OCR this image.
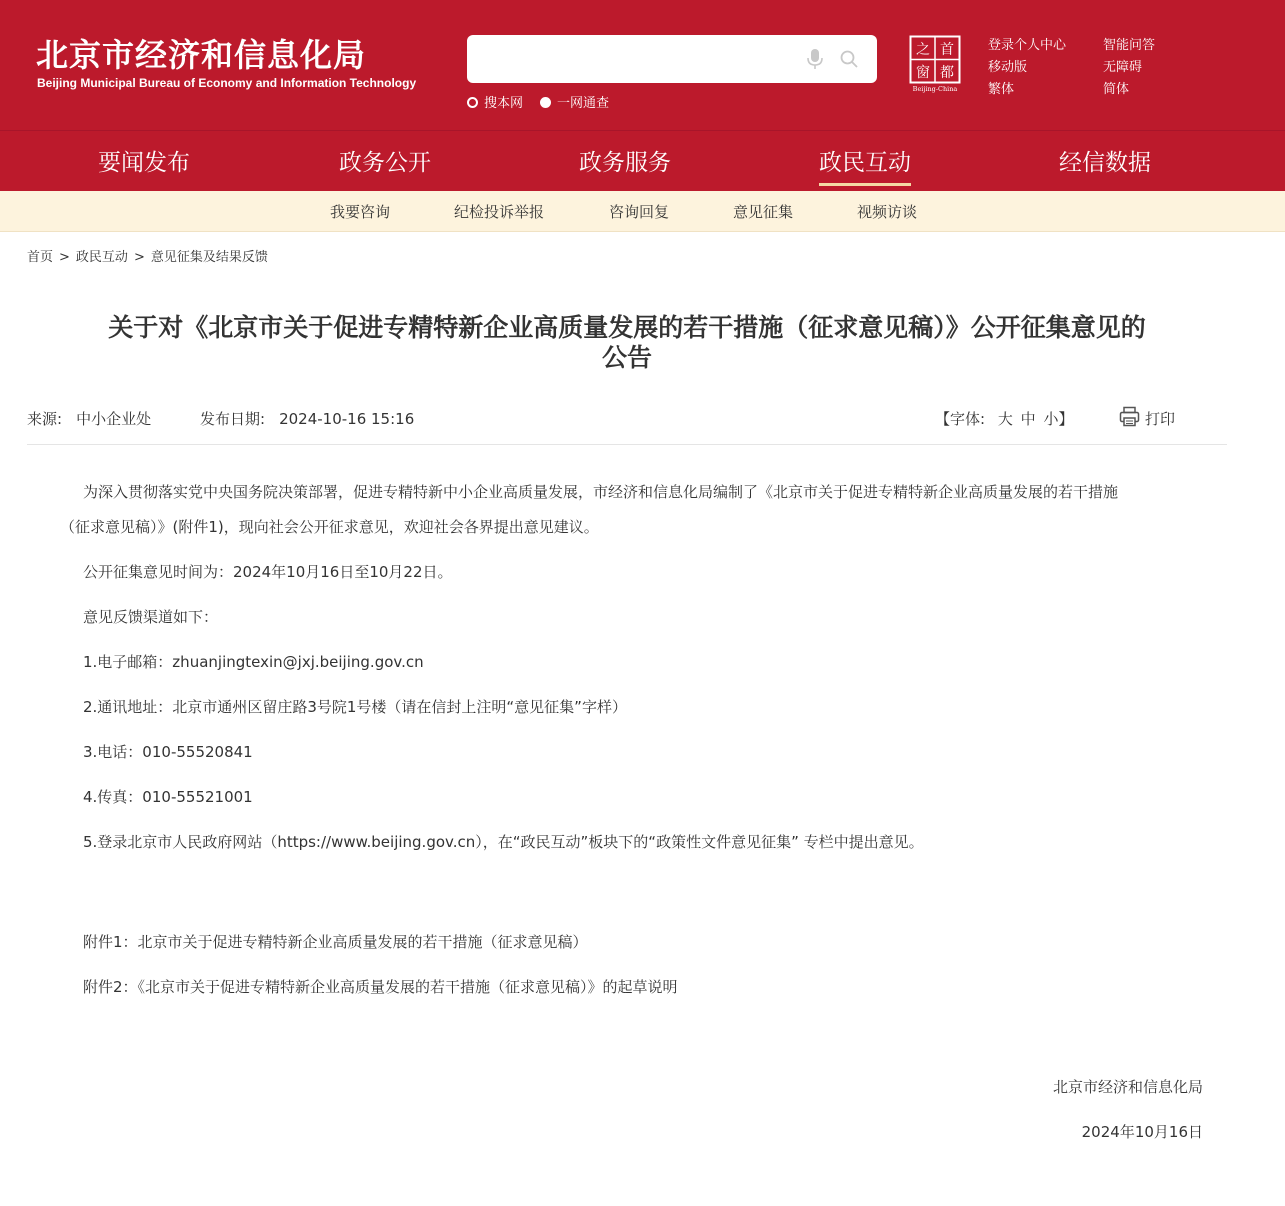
北京市经济和信息化局
Beijing Municipal Bureau of Economy and Information Technology
搜本网	一网通查
首
都
之
窗
Beijing-China
登录个人中心	智能问答
移动版	无障碍
繁体	简体
要闻发布	政务公开	政务服务	政民互动	经信数据
我要咨询	纪检投诉举报	咨询回复	意见征集	视频访谈
首页 > 政民互动 > 意见征集及结果反馈
关于对《北京市关于促进专精特新企业高质量发展的若干措施（征求意见稿）》公开征集意见的
公告
来源: 中小企业处	发布日期: 2024-10-16 15:16	【字体: 大 中 小】	打印
为深入贯彻落实党中央国务院决策部署，促进专精特新中小企业高质量发展，市经济和信息化局编制了《北京市关于促进专精特新企业高质量发展的若干措施
（征求意见稿）》(附件1)，现向社会公开征求意见，欢迎社会各界提出意见建议。
公开征集意见时间为：2024年10月16日至10月22日。
意见反馈渠道如下：
1.电子邮箱：zhuanjingtexin@jxj.beijing.gov.cn
2.通讯地址：北京市通州区留庄路3号院1号楼（请在信封上注明“意见征集”字样）
3.电话：010-55520841
4.传真：010-55521001
5.登录北京市人民政府网站（https://www.beijing.gov.cn），在“政民互动”板块下的“政策性文件意见征集” 专栏中提出意见。
附件1：北京市关于促进专精特新企业高质量发展的若干措施（征求意见稿）
附件2：《北京市关于促进专精特新企业高质量发展的若干措施（征求意见稿）》的起草说明
北京市经济和信息化局
2024年10月16日
